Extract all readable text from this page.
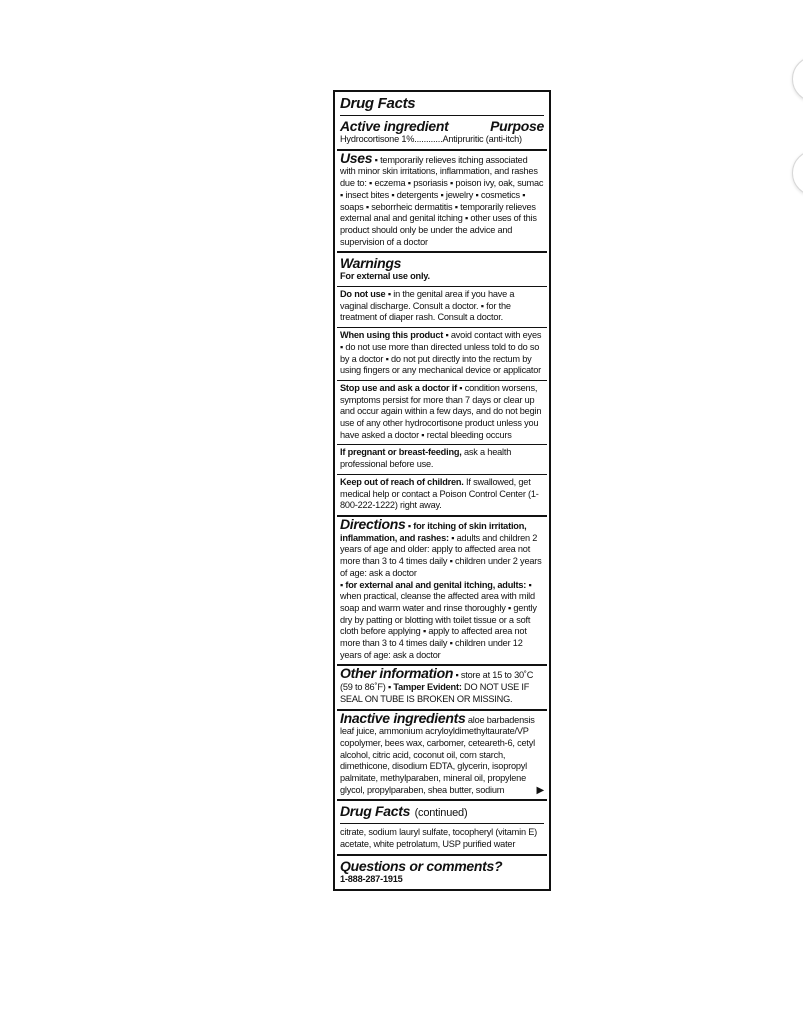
Drug Facts
Active ingredient	Purpose
Hydrocortisone 1%............Antipruritic (anti-itch)
Uses ▪ temporarily relieves itching associated with minor skin irritations, inflammation, and rashes due to: ▪ eczema ▪ psoriasis ▪ poison ivy, oak, sumac ▪ insect bites ▪ detergents ▪ jewelry ▪ cosmetics ▪ soaps ▪ seborrheic dermatitis ▪ temporarily relieves external anal and genital itching ▪ other uses of this product should only be under the advice and supervision of a doctor
Warnings
For external use only.
Do not use ▪ in the genital area if you have a vaginal discharge. Consult a doctor. ▪ for the treatment of diaper rash. Consult a doctor.
When using this product ▪ avoid contact with eyes ▪ do not use more than directed unless told to do so by a doctor ▪ do not put directly into the rectum by using fingers or any mechanical device or applicator
Stop use and ask a doctor if ▪ condition worsens, symptoms persist for more than 7 days or clear up and occur again within a few days, and do not begin use of any other hydrocortisone product unless you have asked a doctor ▪ rectal bleeding occurs
If pregnant or breast-feeding, ask a health professional before use.
Keep out of reach of children. If swallowed, get medical help or contact a Poison Control Center (1-800-222-1222) right away.
Directions ▪ for itching of skin irritation, inflammation, and rashes: ▪ adults and children 2 years of age and older: apply to affected area not more than 3 to 4 times daily ▪ children under 2 years of age: ask a doctor
▪ for external anal and genital itching, adults: ▪ when practical, cleanse the affected area with mild soap and warm water and rinse thoroughly ▪ gently dry by patting or blotting with toilet tissue or a soft cloth before applying ▪ apply to affected area not more than 3 to 4 times daily ▪ children under 12 years of age: ask a doctor
Other information ▪ store at 15 to 30˚C (59 to 86˚F) ▪ Tamper Evident: DO NOT USE IF SEAL ON TUBE IS BROKEN OR MISSING.
Inactive ingredients aloe barbadensis leaf juice, ammonium acryloyldimethyltaurate/VP copolymer, bees wax, carbomer, ceteareth-6, cetyl alcohol, citric acid, coconut oil, corn starch, dimethicone, disodium EDTA, glycerin, isopropyl palmitate, methylparaben, mineral oil, propylene glycol, propylparaben, shea butter, sodium	▶
Drug Facts (continued)
citrate, sodium lauryl sulfate, tocopheryl (vitamin E) acetate, white petrolatum, USP purified water
Questions or comments?
1-888-287-1915
